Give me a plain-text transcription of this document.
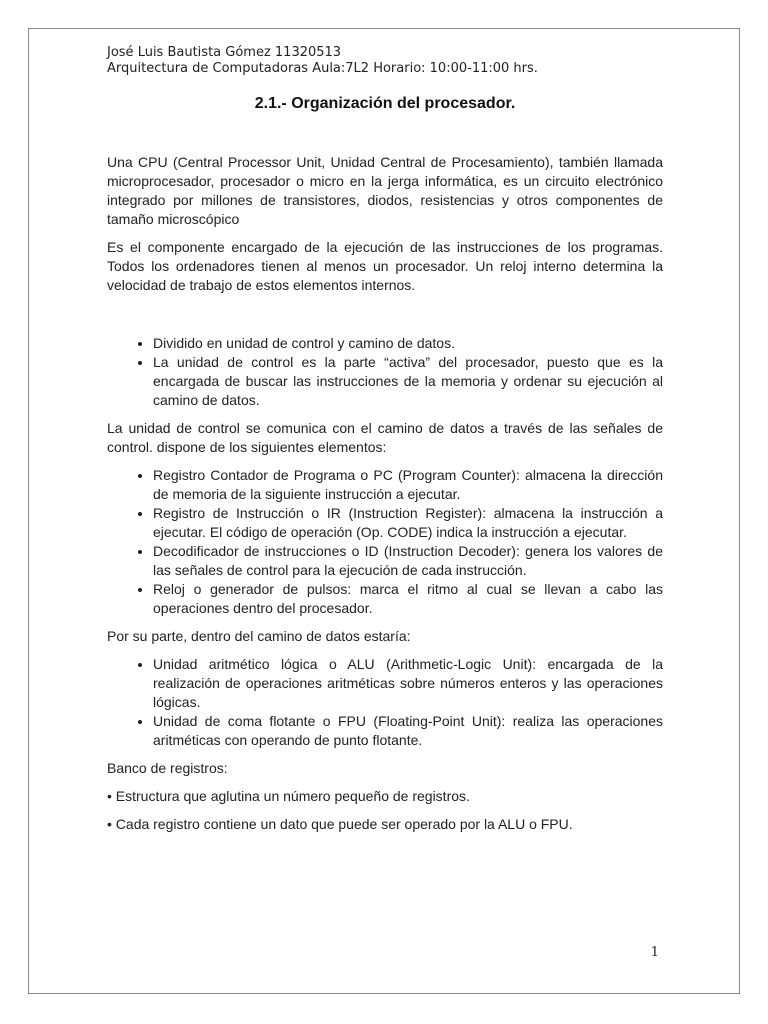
José Luis Bautista Gómez 11320513
Arquitectura de Computadoras Aula:7L2 Horario: 10:00-11:00 hrs.
2.1.- Organización del procesador.

Una CPU (Central Processor Unit, Unidad Central de Procesamiento), también llamada microprocesador, procesador o micro en la jerga informática, es un circuito electrónico integrado por millones de transistores, diodos, resistencias y otros componentes de tamaño microscópico

Es el componente encargado de la ejecución de las instrucciones de los programas. Todos los ordenadores tienen al menos un procesador. Un reloj interno determina la velocidad de trabajo de estos elementos internos.

• Dividido en unidad de control y camino de datos.
• La unidad de control es la parte “activa” del procesador, puesto que es la encargada de buscar las instrucciones de la memoria y ordenar su ejecución al camino de datos.

La unidad de control se comunica con el camino de datos a través de las señales de control. dispone de los siguientes elementos:

• Registro Contador de Programa o PC (Program Counter): almacena la dirección de memoria de la siguiente instrucción a ejecutar.
• Registro de Instrucción o IR (Instruction Register): almacena la instrucción a ejecutar. El código de operación (Op. CODE) indica la instrucción a ejecutar.
• Decodificador de instrucciones o ID (Instruction Decoder): genera los valores de las señales de control para la ejecución de cada instrucción.
• Reloj o generador de pulsos: marca el ritmo al cual se llevan a cabo las operaciones dentro del procesador.

Por su parte, dentro del camino de datos estaría:

• Unidad aritmético lógica o ALU (Arithmetic-Logic Unit): encargada de la realización de operaciones aritméticas sobre números enteros y las operaciones lógicas.
• Unidad de coma flotante o FPU (Floating-Point Unit): realiza las operaciones aritméticas con operando de punto flotante.

Banco de registros:

• Estructura que aglutina un número pequeño de registros.

• Cada registro contiene un dato que puede ser operado por la ALU o FPU.

1
